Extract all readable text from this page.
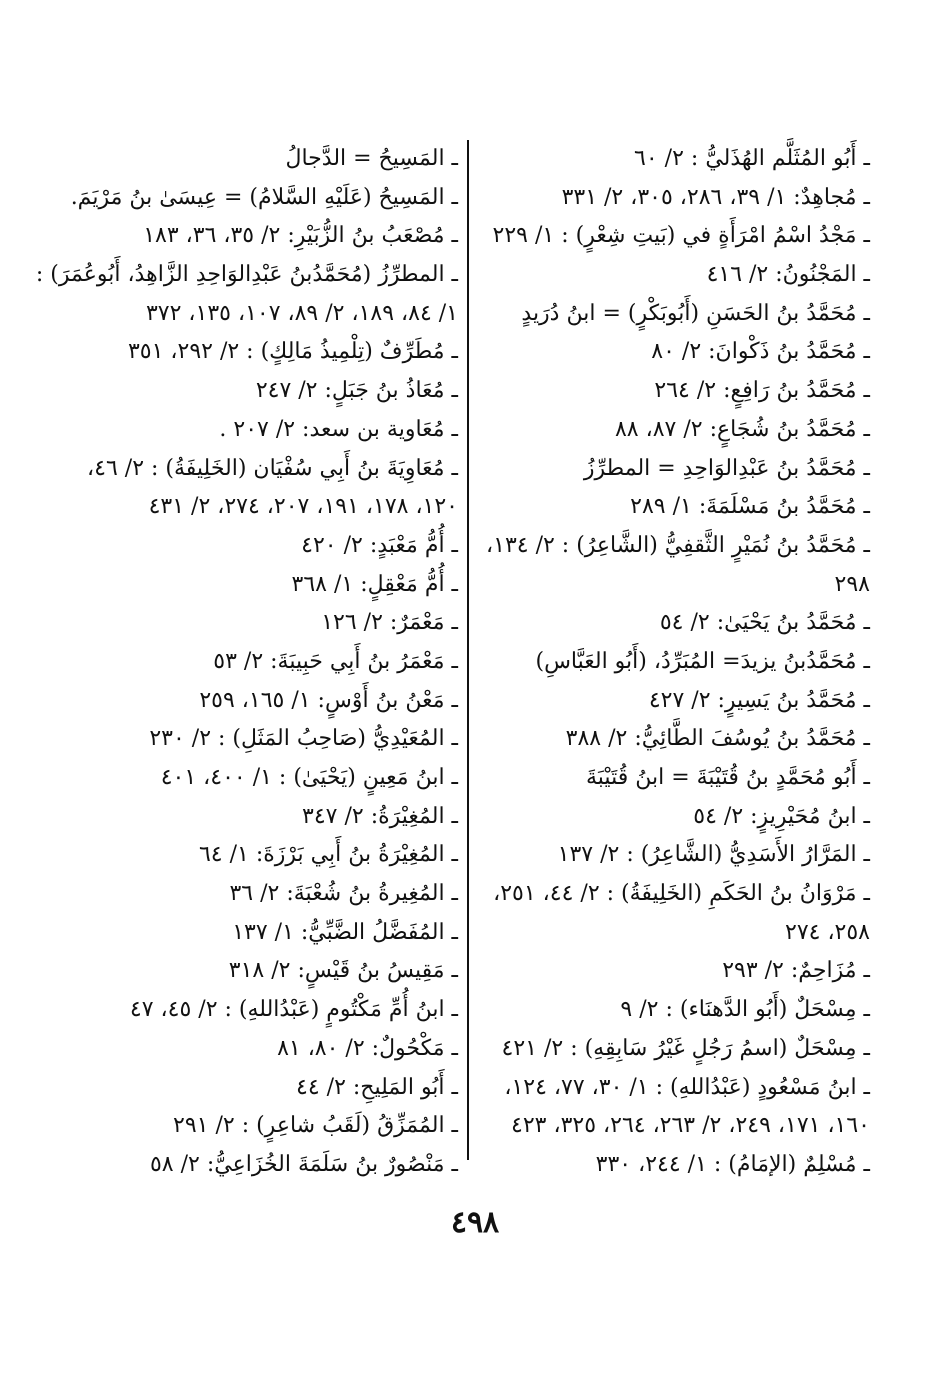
ـ أَبُو المُثَلَّم الهُذَليُّ : ٢/ ٦٠
ـ مُجاهِدٌ: ١/ ٣٩، ٢٨٦، ٣٠٥، ٢/ ٣٣١
ـ مَجْدُ اسْمُ امْرَأَةٍ في (بَيتِ شِعْرٍ) : ١/ ٢٢٩
ـ المَجْنُونُ: ٢/ ٤١٦
ـ مُحَمَّدُ بنُ الحَسَنِ (أَبُوبَكْرٍ) = ابنُ دُرَيدٍ
ـ مُحَمَّدُ بنُ ذَكْوانَ: ٢/ ٨٠
ـ مُحَمَّدُ بنُ رَافِعٍ: ٢/ ٢٦٤
ـ مُحَمَّدُ بنُ شُجَاعٍ: ٢/ ٨٧، ٨٨
ـ مُحَمَّدُ بنُ عَبْدِالوَاحِدِ = المطرِّزُ
ـ مُحَمَّدُ بنُ مَسْلَمَةَ: ١/ ٢٨٩
ـ مُحَمَّدُ بنُ نُمَيْرٍ الثَّقفِيُّ (الشَّاعِرُ) : ٢/ ١٣٤،
٢٩٨
ـ مُحَمَّدُ بنُ يَحْيَىٰ: ٢/ ٥٤
ـ مُحَمَّدُبنُ يزيدَ= المُبَرِّدُ، (أَبُو العَبَّاسِ)
ـ مُحَمَّدُ بنُ يَسِيرٍ: ٢/ ٤٢٧
ـ مُحَمَّدُ بنُ يُوسُفَ الطَّائِيُّ: ٢/ ٣٨٨
ـ أَبُو مُحَمَّدٍ بنُ قُتَيْبَةَ = ابنُ قُتَيْبَةَ
ـ ابنُ مُحَيْرِيزٍ: ٢/ ٥٤
ـ المَرَّارُ الأَسَدِيُّ (الشَّاعِرُ) : ٢/ ١٣٧
ـ مَرْوَانُ بنُ الحَكَمِ (الخَلِيفَةُ) : ٢/ ٤٤، ٢٥١،
٢٥٨، ٢٧٤
ـ مُزَاحِمٌ: ٢/ ٢٩٣
ـ مِسْحَلٌ (أَبُو الدَّهنَاء) : ٢/ ٩
ـ مِسْحَلٌ (اسمُ رَجُلٍ غَيْرُ سَابِقِهِ) : ٢/ ٤٢١
ـ ابنُ مَسْعُودٍ (عَبْدُاللهِ) : ١/ ٣٠، ٧٧، ١٢٤،
١٦٠، ١٧١، ٢٤٩، ٢/ ٢٦٣، ٢٦٤، ٣٢٥، ٤٢٣
ـ مُسْلِمٌ (الإمَامُ) : ١/ ٢٤٤، ٣٣٠
ـ المَسِيحُ = الدَّجالُ
ـ المَسِيحُ (عَلَيْهِ السَّلامُ) = عِيسَىٰ بنُ مَرْيَمَ.
ـ مُصْعَبُ بنُ الزُّبَيْرِ: ٢/ ٣٥، ٣٦، ١٨٣
ـ المطرِّزُ (مُحَمَّدُبنُ عَبْدِالوَاحِدِ الزَّاهِدُ، أَبُوعُمَرَ) :
١/ ٨٤، ١٨٩، ٢/ ٨٩، ١٠٧، ١٣٥، ٣٧٢
ـ مُطَرِّفٌ (تِلْمِيذُ مَالِكٍ) : ٢/ ٢٩٢، ٣٥١
ـ مُعَاذُ بنُ جَبَلٍ: ٢/ ٢٤٧
ـ مُعَاوية بن سعد: ٢/ ٢٠٧ .
ـ مُعَاوِيَةَ بنُ أَبِي سُفْيَان (الخَلِيفَةُ) : ٢/ ٤٦،
١٢٠، ١٧٨، ١٩١، ٢٠٧، ٢٧٤، ٢/ ٤٣١
ـ أُمُّ مَعْبَدٍ: ٢/ ٤٢٠
ـ أُمُّ مَعْقِلٍ: ١/ ٣٦٨
ـ مَعْمَرٌ: ٢/ ١٢٦
ـ مَعْمَرُ بنُ أَبِي حَبِيبَةَ: ٢/ ٥٣
ـ مَعْنُ بنُ أَوْسٍ: ١/ ١٦٥، ٢٥٩
ـ المُعَيْدِيُّ (صَاحِبُ المَثَلِ) : ٢/ ٢٣٠
ـ ابنُ مَعِينٍ (يَحْيَىٰ) : ١/ ٤٠٠، ٤٠١
ـ المُغِيْرَةُ: ٢/ ٣٤٧
ـ المُغِيْرَةُ بنُ أَبِي بَرْزَةَ: ١/ ٦٤
ـ المُغِيرةُ بنُ شُعْبَةَ: ٢/ ٣٦
ـ المُفَضَّلُ الضَّبِّيُّ: ١/ ١٣٧
ـ مَقِيسُ بنُ قَيْسٍ: ٢/ ٣١٨
ـ ابنُ أُمِّ مَكْتُومٍ (عَبْدُاللهِ) : ٢/ ٤٥، ٤٧
ـ مَكْحُولٌ: ٢/ ٨٠، ٨١
ـ أَبُو المَلِيحِ: ٢/ ٤٤
ـ المُمَزِّقُ (لَقَبُ شاعِرٍ) : ٢/ ٢٩١
ـ مَنْصُورٌ بنُ سَلَمَةَ الخُزَاعِيُّ: ٢/ ٥٨
٤٩٨
